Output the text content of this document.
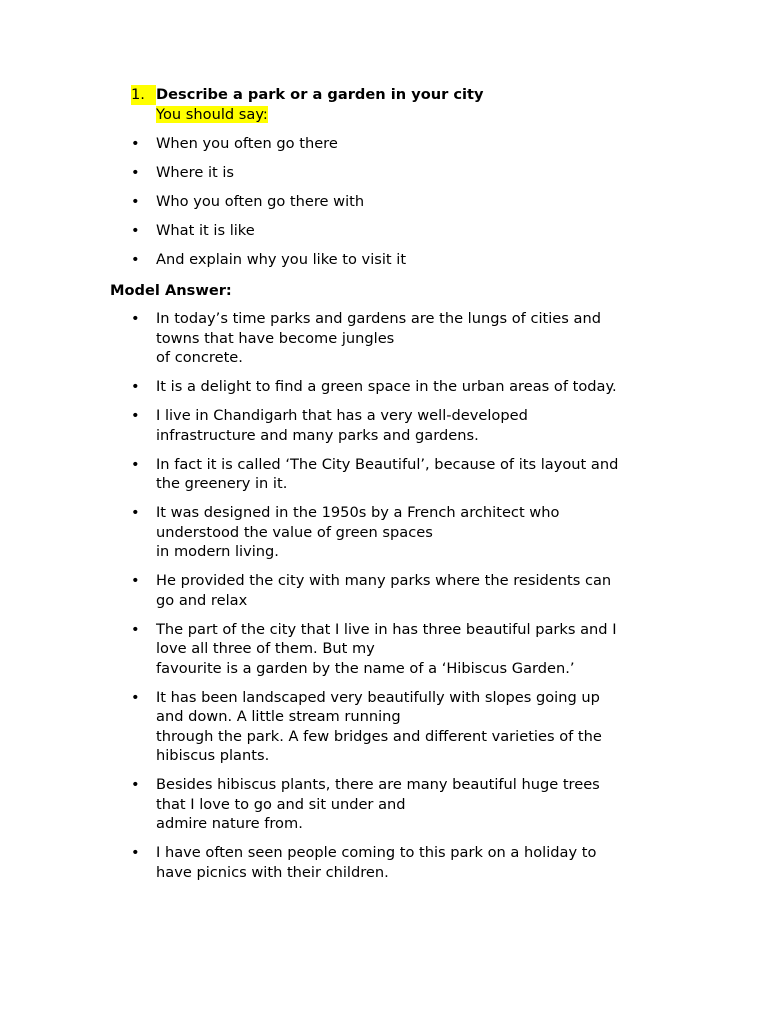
1. Describe a park or a garden in your city
You should say:
• When you often go there
• Where it is
• Who you often go there with
• What it is like
• And explain why you like to visit it
Model Answer:
• In today’s time parks and gardens are the lungs of cities and
towns that have become jungles
of concrete.
• It is a delight to find a green space in the urban areas of today.
• I live in Chandigarh that has a very well-developed
infrastructure and many parks and gardens.
• In fact it is called ‘The City Beautiful’, because of its layout and
the greenery in it.
• It was designed in the 1950s by a French architect who
understood the value of green spaces
in modern living.
• He provided the city with many parks where the residents can
go and relax
• The part of the city that I live in has three beautiful parks and I
love all three of them. But my
favourite is a garden by the name of a ‘Hibiscus Garden.’
• It has been landscaped very beautifully with slopes going up
and down. A little stream running
through the park. A few bridges and different varieties of the
hibiscus plants.
• Besides hibiscus plants, there are many beautiful huge trees
that I love to go and sit under and
admire nature from.
• I have often seen people coming to this park on a holiday to
have picnics with their children.
